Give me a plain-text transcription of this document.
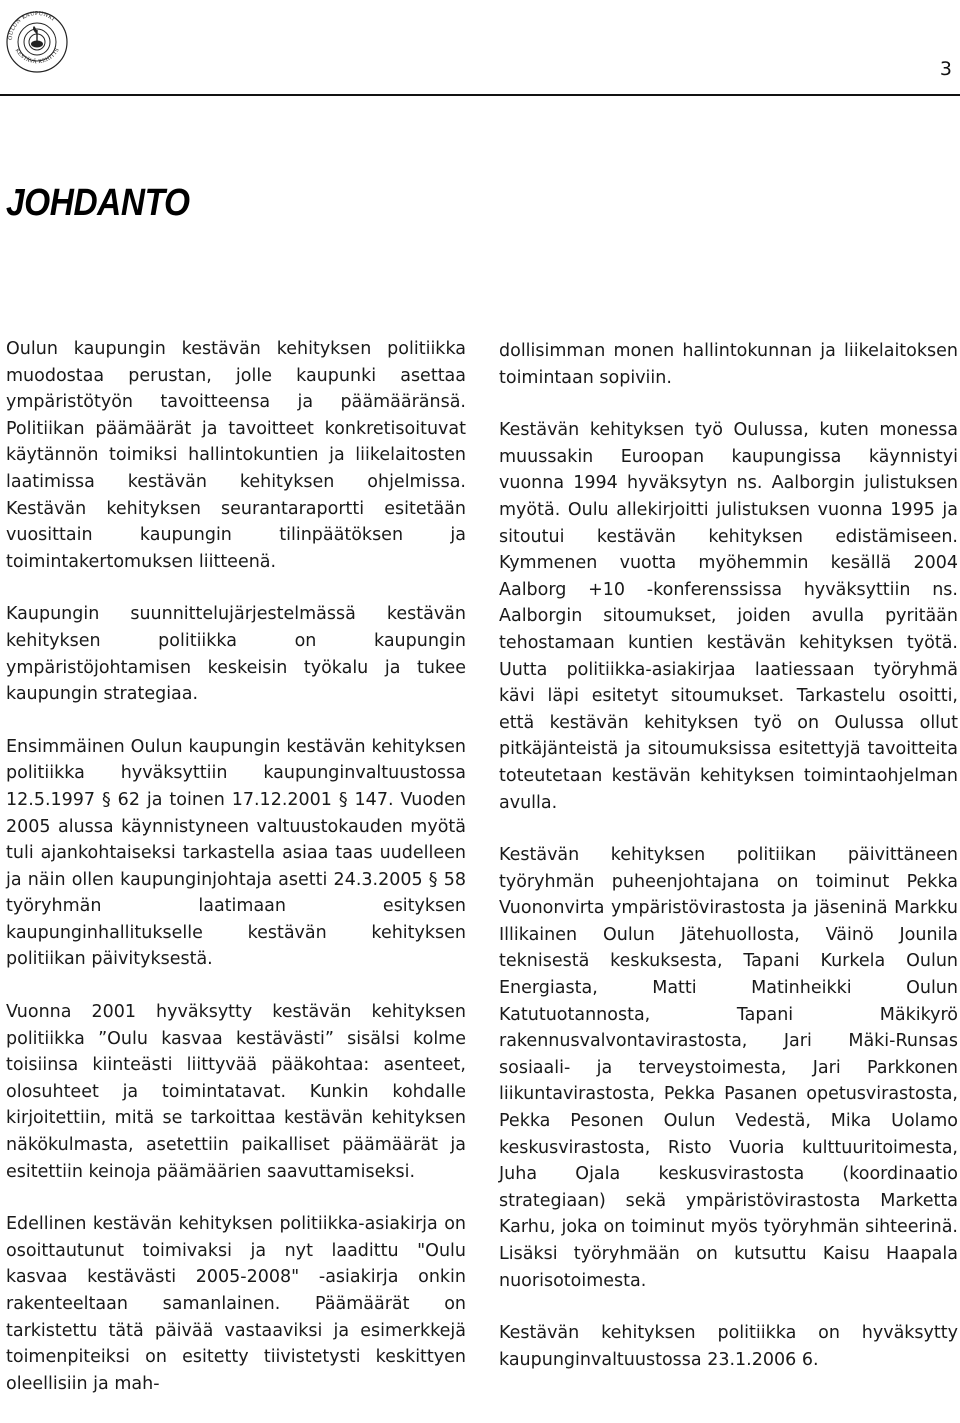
OULUN KAUPUNKI
KESTÄVÄ KEHITYS
3
JOHDANTO

Oulun kaupungin kestävän kehityksen politiikka muodostaa perustan, jolle kaupunki asettaa ympäristötyön tavoitteensa ja päämääränsä. Politiikan päämäärät ja tavoitteet konkretisoituvat käytännön toimiksi hallintokuntien ja liikelaitosten laatimissa kestävän kehityksen ohjelmissa. Kestävän kehityksen seurantaraportti esitetään vuosittain kaupungin tilinpäätöksen ja toimintakertomuksen liitteenä.

Kaupungin suunnittelujärjestelmässä kestävän kehityksen politiikka on kaupungin ympäristöjohtamisen keskeisin työkalu ja tukee kaupungin strategiaa.

Ensimmäinen Oulun kaupungin kestävän kehityksen politiikka hyväksyttiin kaupunginvaltuustossa 12.5.1997 § 62 ja toinen 17.12.2001 § 147. Vuoden 2005 alussa käynnistyneen valtuustokauden myötä tuli ajankohtaiseksi tarkastella asiaa taas uudelleen ja näin ollen kaupunginjohtaja asetti 24.3.2005 § 58 työryhmän laatimaan esityksen kaupunginhallitukselle kestävän kehityksen politiikan päivityksestä.

Vuonna 2001 hyväksytty kestävän kehityksen politiikka ”Oulu kasvaa kestävästi” sisälsi kolme toisiinsa kiinteästi liittyvää pääkohtaa: asenteet, olosuhteet ja toimintatavat. Kunkin kohdalle kirjoitettiin, mitä se tarkoittaa kestävän kehityksen näkökulmasta, asetettiin paikalliset päämäärät ja esitettiin keinoja päämäärien saavuttamiseksi.

Edellinen kestävän kehityksen politiikka-asiakirja on osoittautunut toimivaksi ja nyt laadittu "Oulu kasvaa kestävästi 2005-2008" -asiakirja onkin rakenteeltaan samanlainen. Päämäärät on tarkistettu tätä päivää vastaaviksi ja esimerkkejä toimenpiteiksi on esitetty tiivistetysti keskittyen oleellisiin ja mah-

dollisimman monen hallintokunnan ja liikelaitoksen toimintaan sopiviin.

Kestävän kehityksen työ Oulussa, kuten monessa muussakin Euroopan kaupungissa käynnistyi vuonna 1994 hyväksytyn ns. Aalborgin julistuksen myötä. Oulu allekirjoitti julistuksen vuonna 1995 ja sitoutui kestävän kehityksen edistämiseen. Kymmenen vuotta myöhemmin kesällä 2004 Aalborg +10 -konferenssissa hyväksyttiin ns. Aalborgin sitoumukset, joiden avulla pyritään tehostamaan kuntien kestävän kehityksen työtä. Uutta politiikka-asiakirjaa laatiessaan työryhmä kävi läpi esitetyt sitoumukset. Tarkastelu osoitti, että kestävän kehityksen työ on Oulussa ollut pitkäjänteistä ja sitoumuksissa esitettyjä tavoitteita toteutetaan kestävän kehityksen toimintaohjelman avulla.

Kestävän kehityksen politiikan päivittäneen työryhmän puheenjohtajana on toiminut Pekka Vuononvirta ympäristövirastosta ja jäseninä Markku Illikainen Oulun Jätehuollosta, Väinö Jounila teknisestä keskuksesta, Tapani Kurkela Oulun Energiasta, Matti Matinheikki Oulun Katutuotannosta, Tapani Mäkikyrö rakennusvalvontavirastosta, Jari Mäki-Runsas sosiaali- ja terveystoimesta, Jari Parkkonen liikuntavirastosta, Pekka Pasanen opetusvirastosta, Pekka Pesonen Oulun Vedestä, Mika Uolamo keskusvirastosta, Risto Vuoria kulttuuritoimesta, Juha Ojala keskusvirastosta (koordinaatio strategiaan) sekä ympäristövirastosta Marketta Karhu, joka on toiminut myös työryhmän sihteerinä. Lisäksi työryhmään on kutsuttu Kaisu Haapala nuorisotoimesta.

Kestävän kehityksen politiikka on hyväksytty kaupunginvaltuustossa 23.1.2006 6.
